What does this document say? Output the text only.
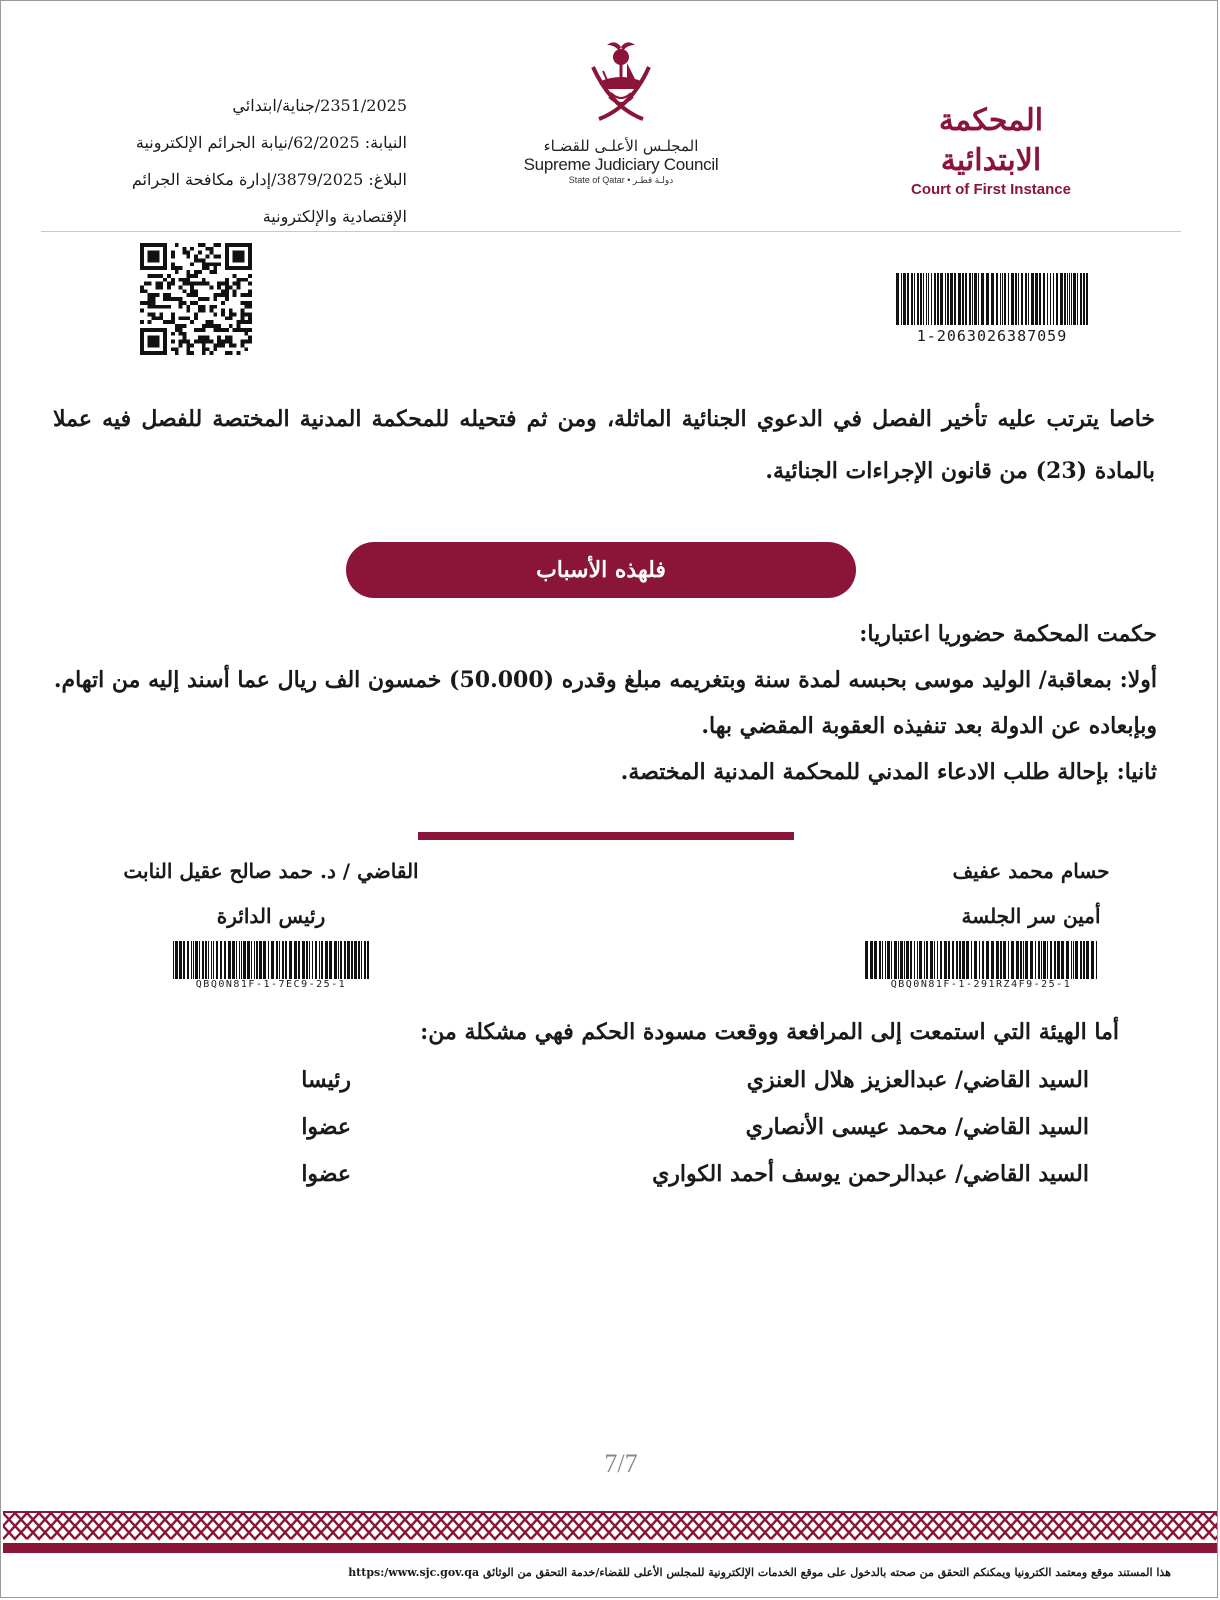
2351/2025/جناية/ابتدائي
النيابة: 62/2025/نيابة الجرائم الإلكترونية
البلاغ: 3879/2025/إدارة مكافحة الجرائم
الإقتصادية والإلكترونية
المجلـس الأعلـى للقضـاء
Supreme Judiciary Council
State of Qatar • دولـة قطـر
المحكمة الابتدائية
Court of First Instance
1-2063026387059
خاصا يترتب عليه تأخير الفصل في الدعوي الجنائية الماثلة، ومن ثم فتحيله للمحكمة المدنية المختصة للفصل فيه عملا بالمادة (23) من قانون الإجراءات الجنائية.
فلهذه الأسباب
حكمت المحكمة حضوريا اعتباريا:
أولا: بمعاقبة/ الوليد موسى بحبسه لمدة سنة وبتغريمه مبلغ وقدره (50.000) خمسون الف ريال عما أسند إليه من اتهام.
وبإبعاده عن الدولة بعد تنفيذه العقوبة المقضي بها.
ثانيا: بإحالة طلب الادعاء المدني للمحكمة المدنية المختصة.
حسام محمد عفيف
أمين سر الجلسة
QBQ0N81F-1-291RZ4F9-25-1
القاضي / د. حمد صالح عقيل النابت
رئيس الدائرة
QBQ0N81F-1-7EC9-25-1
أما الهيئة التي استمعت إلى المرافعة ووقعت مسودة الحكم فهي مشكلة من:
السيد القاضي/ عبدالعزيز هلال العنزي
رئيسا
السيد القاضي/ محمد عيسى الأنصاري
عضوا
السيد القاضي/ عبدالرحمن يوسف أحمد الكواري
عضوا
7/7
هذا المستند موقع ومعتمد الكترونيا ويمكنكم التحقق من صحته بالدخول على موقع الخدمات الإلكترونية للمجلس الأعلى للقضاء/خدمة التحقق من الوثائق https:/www.sjc.gov.qa
